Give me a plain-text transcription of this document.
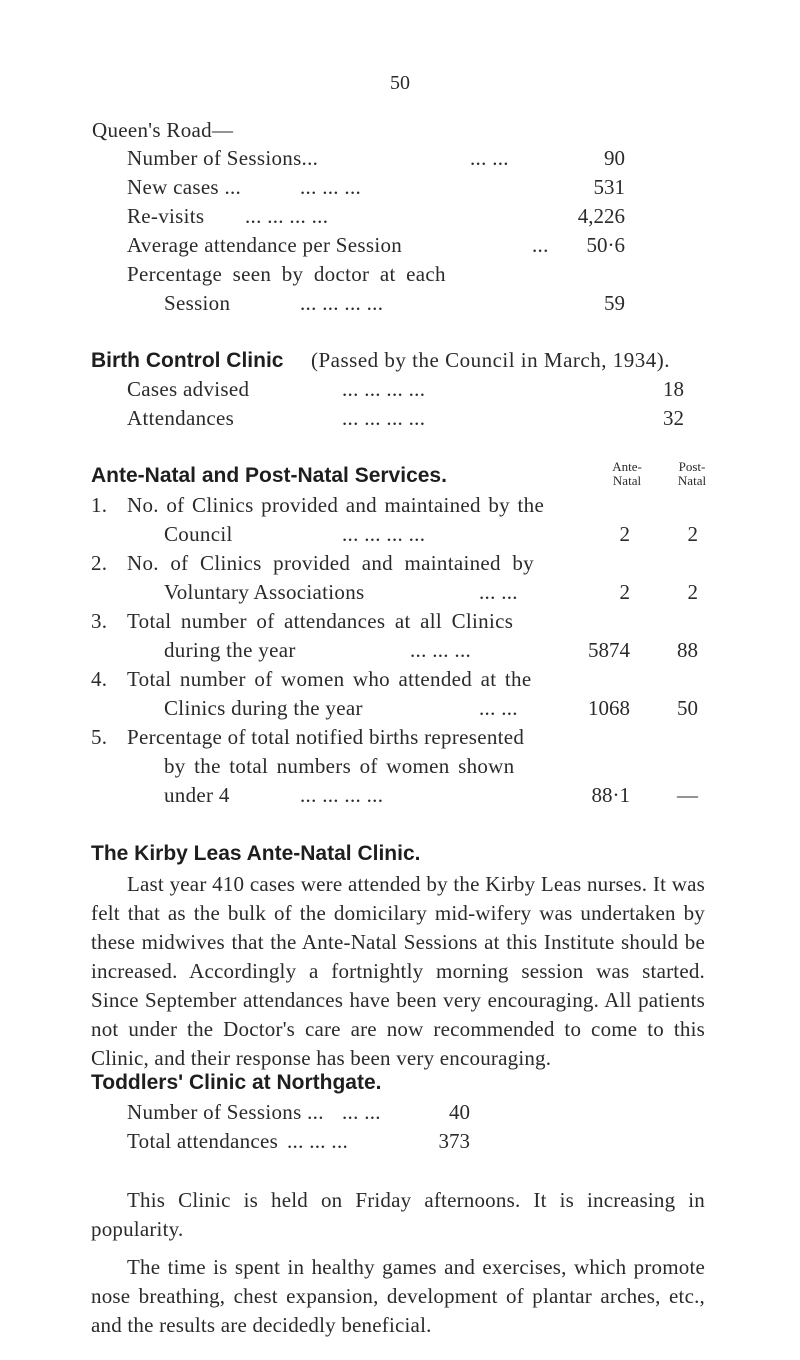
50
Queen's Road—
Number of Sessions...	... ...	90
New cases ...	... ... ...	531
Re-visits ... ... ... ...	4,226
Average attendance per Session	... 50·6
Percentage seen by doctor at each
Session	... ... ... ...	59
Birth Control Clinic (Passed by the Council in March, 1934).
Cases advised	... ... ... ...	18
Attendances	... ... ... ...	32
Ante-Natal and Post-Natal Services.	Ante-
Natal
Post-
Natal
1. No. of Clinics provided and maintained by the
Council	... ... ... ...	2	2
2. No. of Clinics provided and maintained by
Voluntary Associations	... ...	2	2
3. Total number of attendances at all Clinics
during the year	... ... ...	5874 88
4. Total number of women who attended at the
Clinics during the year	... ...	1068 50
5. Percentage of total notified births represented
by the total numbers of women shown
under 4	... ... ... ...	88·1 —
The Kirby Leas Ante-Natal Clinic.
Last year 410 cases were attended by the Kirby Leas nurses. It was felt that as the bulk of the domicilary mid-wifery was undertaken by these midwives that the Ante-Natal Sessions at this Institute should be increased. Accordingly a fortnightly morning session was started. Since September attendances have been very encouraging. All patients not under the Doctor's care are now recommended to come to this Clinic, and their response has been very encouraging.
Toddlers' Clinic at Northgate.
Number of Sessions ... ... ...	40
Total attendances ... ... ...	373
This Clinic is held on Friday afternoons. It is increasing in popularity.
The time is spent in healthy games and exercises, which promote nose breathing, chest expansion, development of plantar arches, etc., and the results are decidedly beneficial.
